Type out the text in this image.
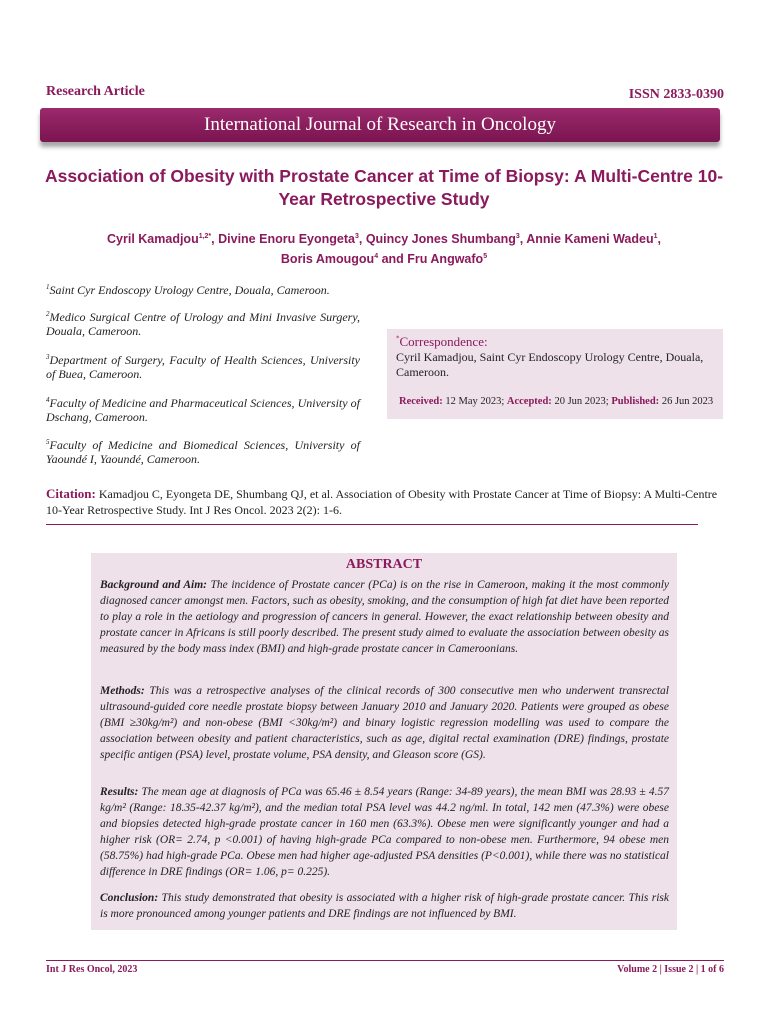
Research Article	ISSN 2833-0390
International Journal of Research in Oncology
Association of Obesity with Prostate Cancer at Time of Biopsy: A Multi-Centre 10-Year Retrospective Study
Cyril Kamadjou$^{1,2*}$, Divine Enoru Eyongeta$^3$, Quincy Jones Shumbang$^3$, Annie Kameni Wadeu$^1$,
Boris Amougou$^4$ and Fru Angwafo$^5$
$^1$Saint Cyr Endoscopy Urology Centre, Douala, Cameroon.
$^2$Medico Surgical Centre of Urology and Mini Invasive Surgery, Douala, Cameroon.
$^3$Department of Surgery, Faculty of Health Sciences, University of Buea, Cameroon.
$^4$Faculty of Medicine and Pharmaceutical Sciences, University of Dschang, Cameroon.
$^5$Faculty of Medicine and Biomedical Sciences, University of Yaoundé I, Yaoundé, Cameroon.
*Correspondence:
Cyril Kamadjou, Saint Cyr Endoscopy Urology Centre, Douala, Cameroon.
Received: 12 May 2023; Accepted: 20 Jun 2023; Published: 26 Jun 2023
Citation: Kamadjou C, Eyongeta DE, Shumbang QJ, et al. Association of Obesity with Prostate Cancer at Time of Biopsy: A Multi-Centre 10-Year Retrospective Study. Int J Res Oncol. 2023 2(2): 1-6.
ABSTRACT
Background and Aim: The incidence of Prostate cancer (PCa) is on the rise in Cameroon, making it the most commonly diagnosed cancer amongst men. Factors, such as obesity, smoking, and the consumption of high fat diet have been reported to play a role in the aetiology and progression of cancers in general. However, the exact relationship between obesity and prostate cancer in Africans is still poorly described. The present study aimed to evaluate the association between obesity as measured by the body mass index (BMI) and high-grade prostate cancer in Cameroonians.
Methods: This was a retrospective analyses of the clinical records of 300 consecutive men who underwent transrectal ultrasound-guided core needle prostate biopsy between January 2010 and January 2020. Patients were grouped as obese (BMI ≥30kg/m²) and non-obese (BMI <30kg/m²) and binary logistic regression modelling was used to compare the association between obesity and patient characteristics, such as age, digital rectal examination (DRE) findings, prostate specific antigen (PSA) level, prostate volume, PSA density, and Gleason score (GS).
Results: The mean age at diagnosis of PCa was 65.46 ± 8.54 years (Range: 34-89 years), the mean BMI was 28.93 ± 4.57 kg/m² (Range: 18.35-42.37 kg/m²), and the median total PSA level was 44.2 ng/ml. In total, 142 men (47.3%) were obese and biopsies detected high-grade prostate cancer in 160 men (63.3%). Obese men were significantly younger and had a higher risk (OR= 2.74, p <0.001) of having high-grade PCa compared to non-obese men. Furthermore, 94 obese men (58.75%) had high-grade PCa. Obese men had higher age-adjusted PSA densities (P<0.001), while there was no statistical difference in DRE findings (OR= 1.06, p= 0.225).
Conclusion: This study demonstrated that obesity is associated with a higher risk of high-grade prostate cancer. This risk is more pronounced among younger patients and DRE findings are not influenced by BMI.
Int J Res Oncol, 2023	Volume 2 | Issue 2 | 1 of 6
